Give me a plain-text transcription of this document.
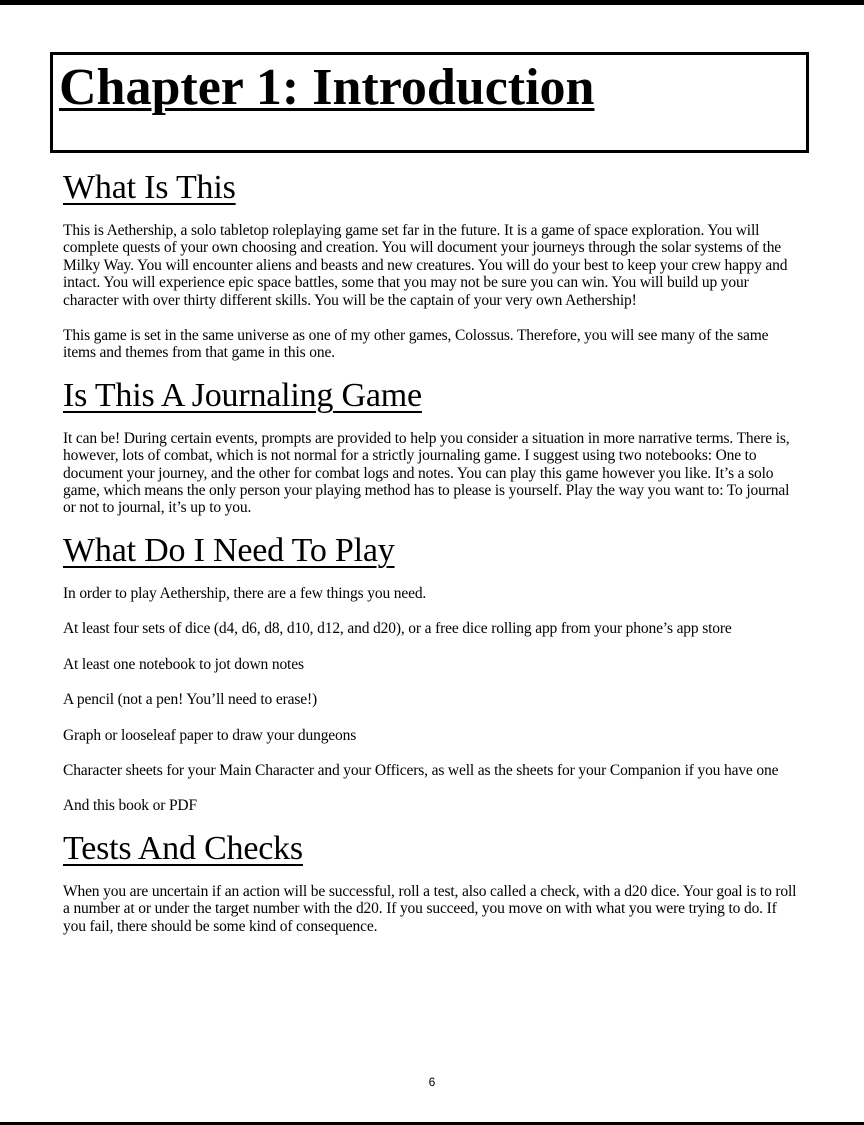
Chapter 1: Introduction
What Is This

This is Aethership, a solo tabletop roleplaying game set far in the future. It is a game of space exploration. You will complete quests of your own choosing and creation. You will document your journeys through the solar systems of the Milky Way. You will encounter aliens and beasts and new creatures. You will do your best to keep your crew happy and intact. You will experience epic space battles, some that you may not be sure you can win. You will build up your character with over thirty different skills. You will be the captain of your very own Aethership!

This game is set in the same universe as one of my other games, Colossus. Therefore, you will see many of the same items and themes from that game in this one.

Is This A Journaling Game

It can be! During certain events, prompts are provided to help you consider a situation in more narrative terms. There is, however, lots of combat, which is not normal for a strictly journaling game. I suggest using two notebooks: One to document your journey, and the other for combat logs and notes. You can play this game however you like. It’s a solo game, which means the only person your playing method has to please is yourself. Play the way you want to: To journal or not to journal, it’s up to you.

What Do I Need To Play

In order to play Aethership, there are a few things you need.

At least four sets of dice (d4, d6, d8, d10, d12, and d20), or a free dice rolling app from your phone’s app store

At least one notebook to jot down notes

A pencil (not a pen! You’ll need to erase!)

Graph or looseleaf paper to draw your dungeons

Character sheets for your Main Character and your Officers, as well as the sheets for your Companion if you have one

And this book or PDF

Tests And Checks

When you are uncertain if an action will be successful, roll a test, also called a check, with a d20 dice. Your goal is to roll a number at or under the target number with the d20. If you succeed, you move on with what you were trying to do. If you fail, there should be some kind of consequence.

6
